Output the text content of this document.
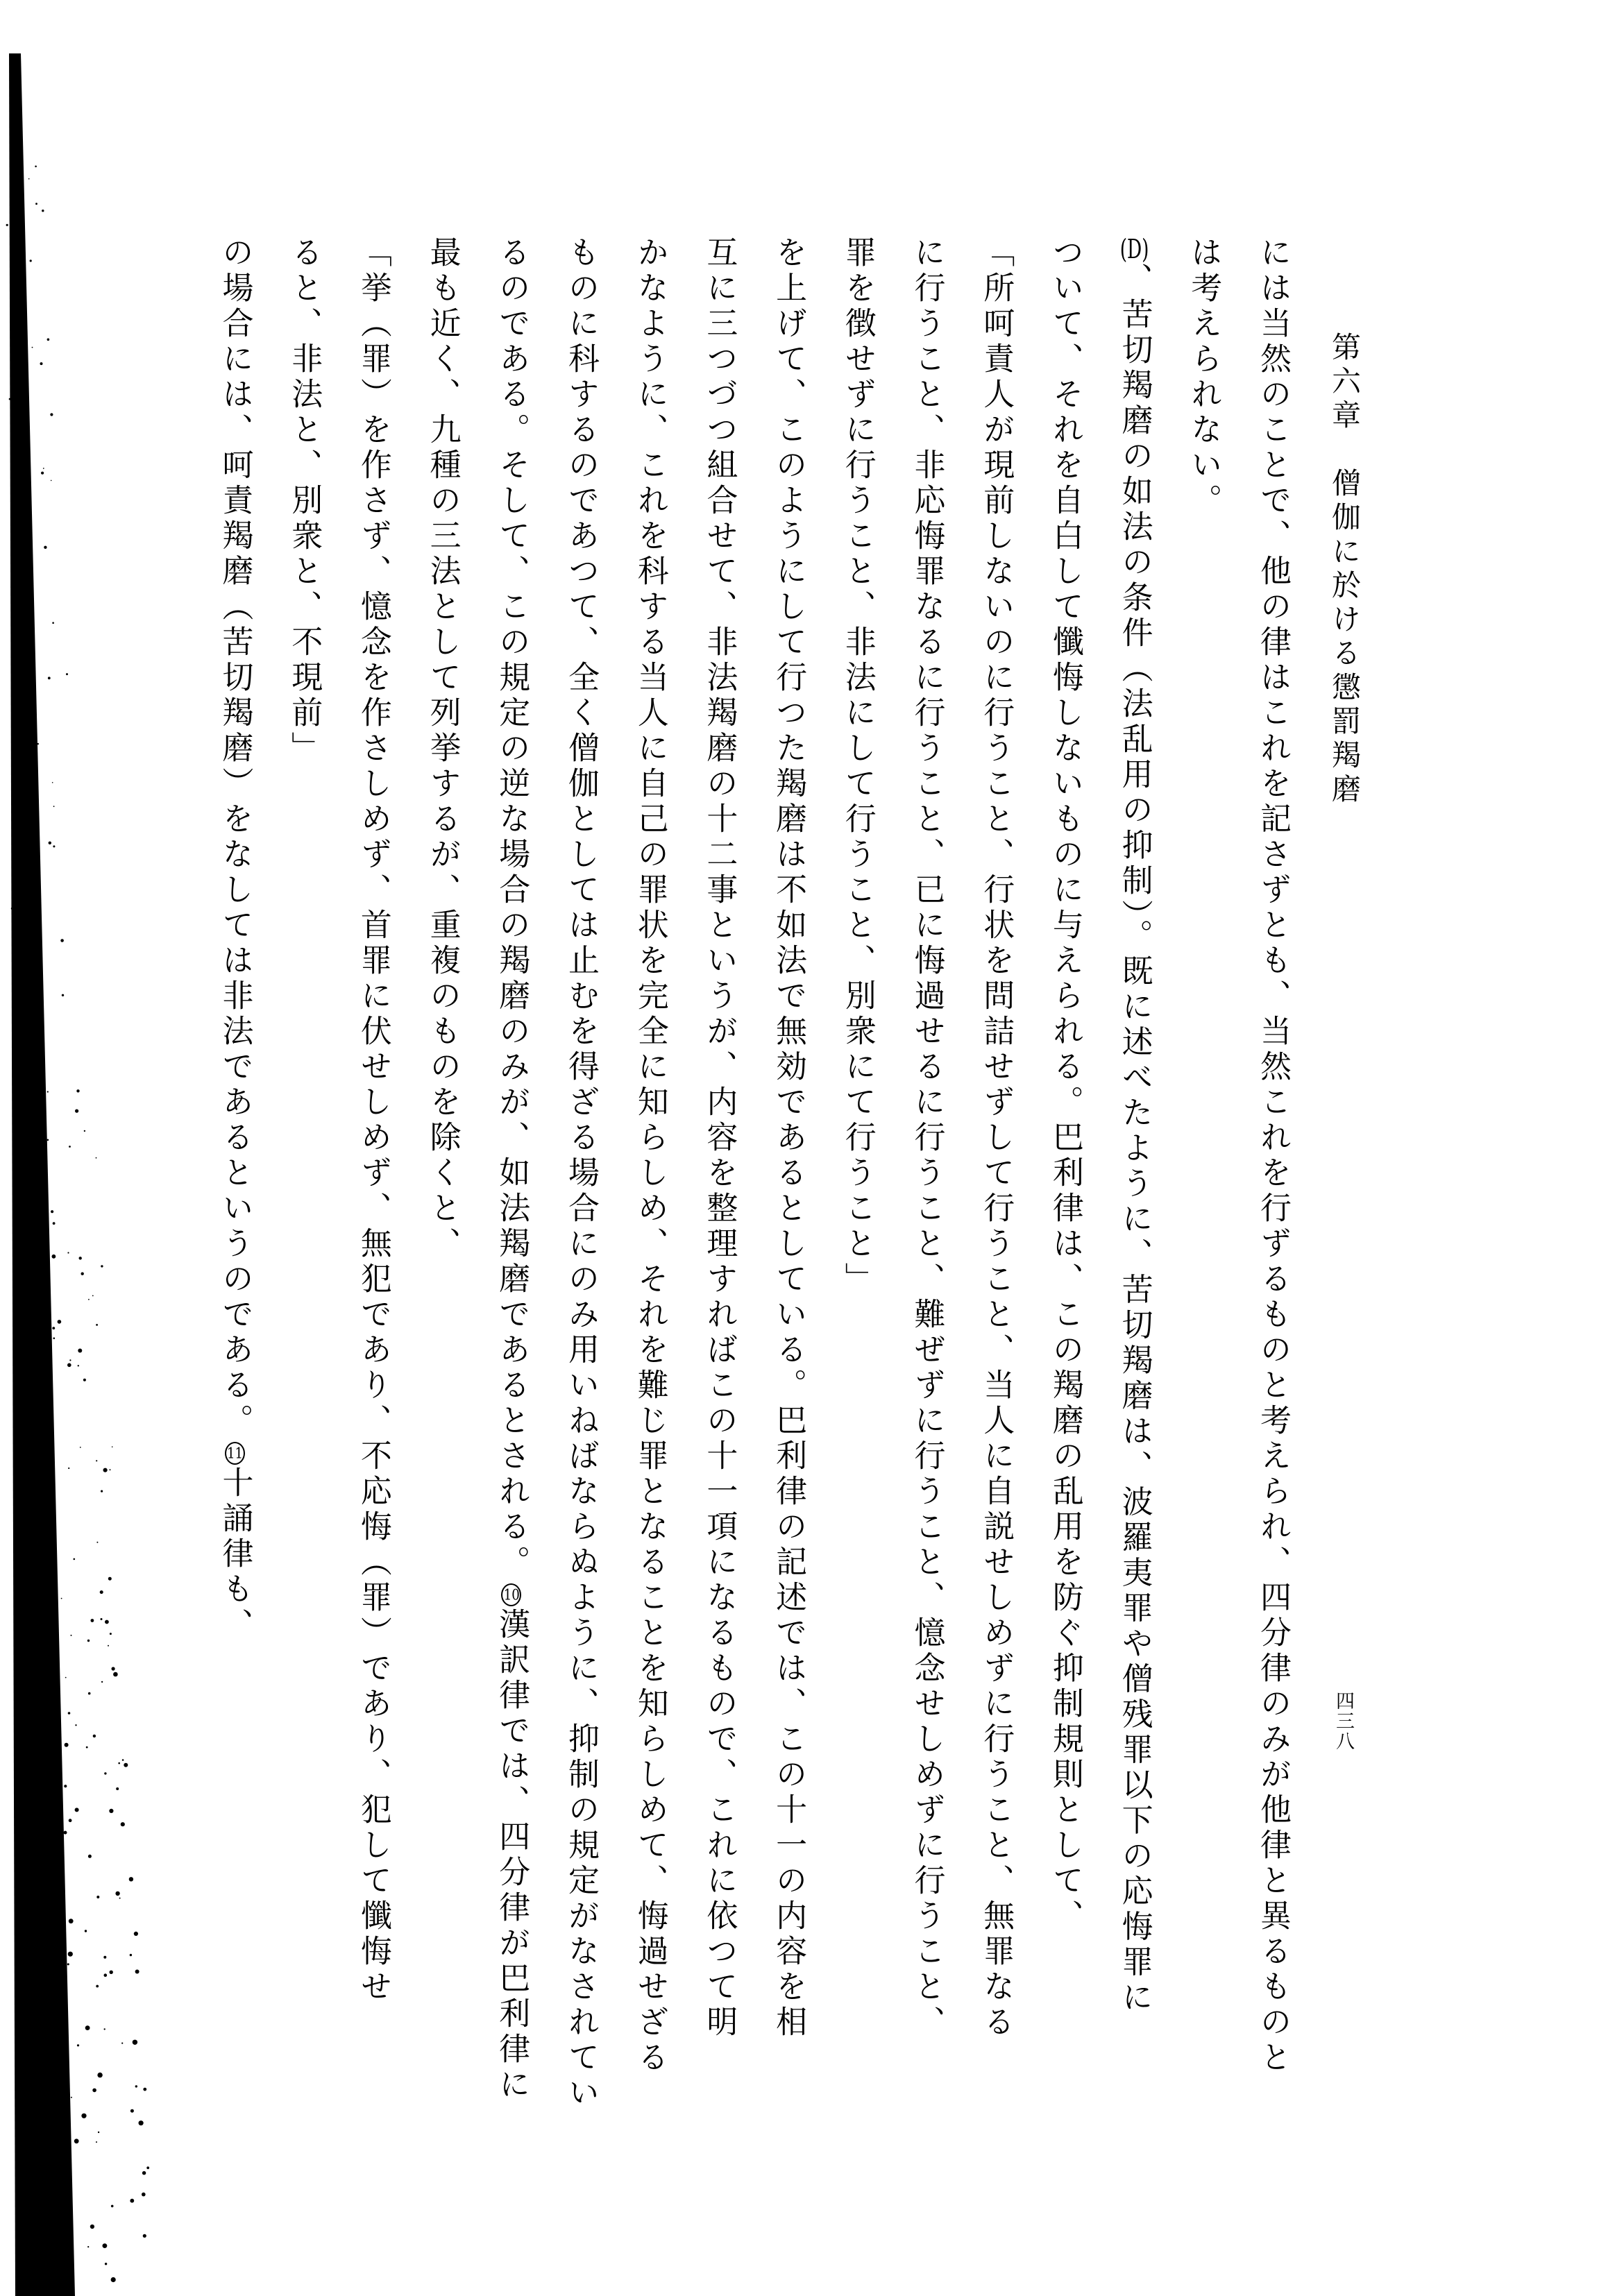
第六章　僧伽に於ける懲罰羯磨
四三八
には当然のことで、他の律はこれを記さずとも、当然これを行ずるものと考えられ、四分律のみが他律と異るものと
は考えられない。
(D)、苦切羯磨の如法の条件（法乱用の抑制）。既に述べたように、苦切羯磨は、波羅夷罪や僧残罪以下の応悔罪に
ついて、それを自白して懺悔しないものに与えられる。巴利律は、この羯磨の乱用を防ぐ抑制規則として、
「所呵責人が現前しないのに行うこと、行状を問詰せずして行うこと、当人に自説せしめずに行うこと、無罪なる
に行うこと、非応悔罪なるに行うこと、已に悔過せるに行うこと、難ぜずに行うこと、憶念せしめずに行うこと、
罪を徴せずに行うこと、非法にして行うこと、別衆にて行うこと」
を上げて、このようにして行つた羯磨は不如法で無効であるとしている。巴利律の記述では、この十一の内容を相
互に三つづつ組合せて、非法羯磨の十二事というが、内容を整理すればこの十一項になるもので、これに依つて明
かなように、これを科する当人に自己の罪状を完全に知らしめ、それを難じ罪となることを知らしめて、悔過せざる
ものに科するのであつて、全く僧伽としては止むを得ざる場合にのみ用いねばならぬように、抑制の規定がなされてい
るのである。そして、この規定の逆な場合の羯磨のみが、如法羯磨であるとされる。10漢訳律では、四分律が巴利律に
最も近く、九種の三法として列挙するが、重複のものを除くと、
「挙（罪）を作さず、憶念を作さしめず、首罪に伏せしめず、無犯であり、不応悔（罪）であり、犯して懺悔せ
ると、非法と、別衆と、不現前」
の場合には、呵責羯磨（苦切羯磨）をなしては非法であるというのである。11十誦律も、
